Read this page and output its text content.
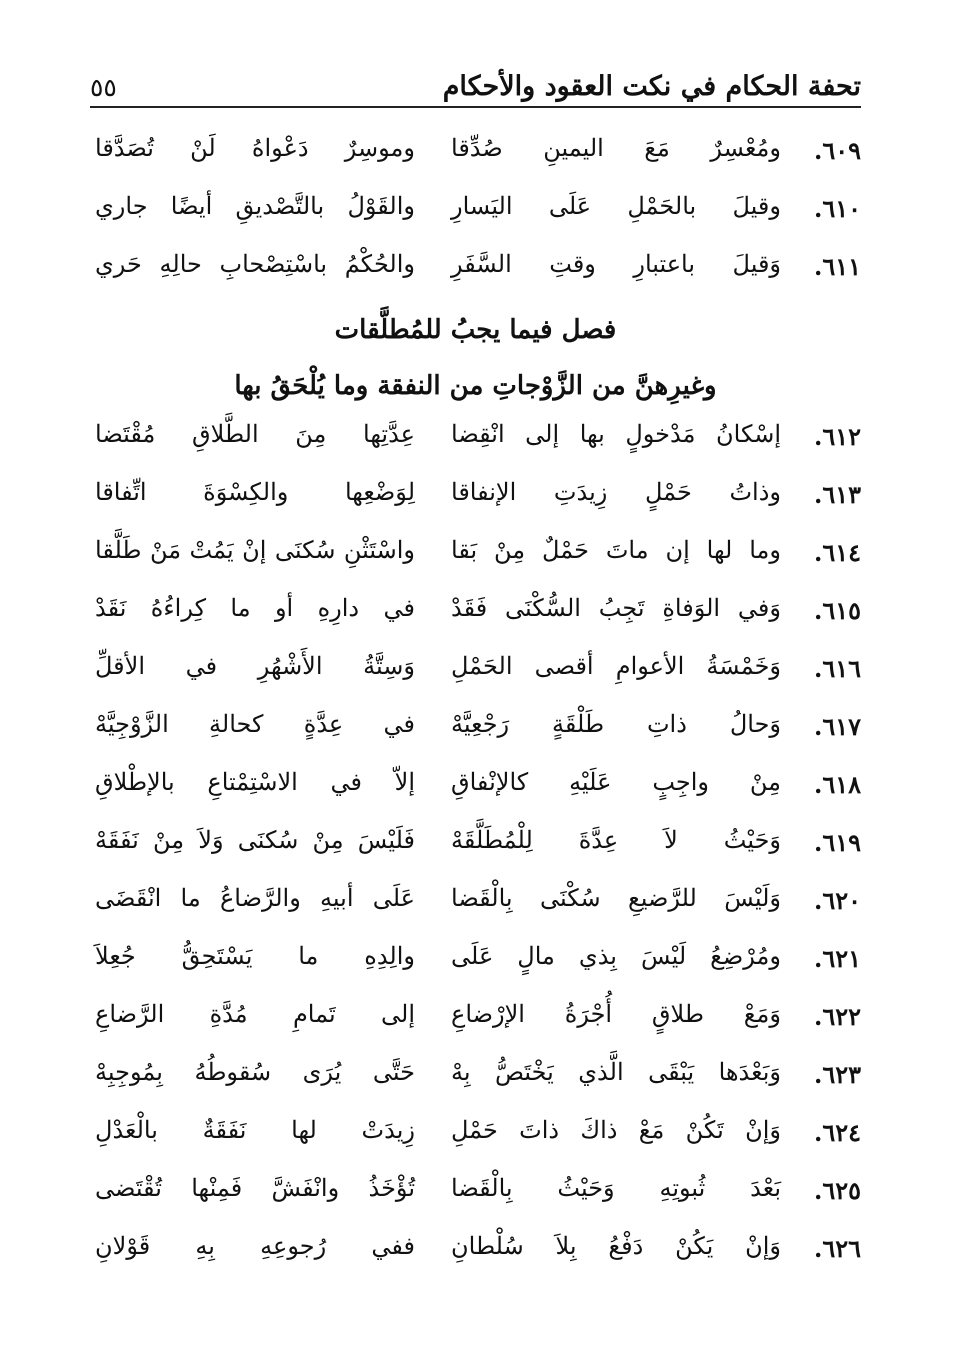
٥٥	تحفة الحكام في نكت العقود والأحكام
٦٠٩.
ومُعْسِرٌ مَعَ اليمينِ صُدِّقا
وموسِرٌ دَعْواهُ لَنْ تُصَدَّقا
٦١٠.
وقيلَ بالحَمْلِ عَلَى اليَسارِ
والقَوْلُ بالتَّصْديقِ أيضًا جاري
٦١١.
وَقيلَ باعتبارِ وقتِ السَّفَرِ
والحُكْمُ باسْتِصْحابِ حالِهِ حَري
فصل فيما يجبُ للمُطلَّقات
وغيرِهنَّ من الزَّوْجاتِ من النفقة وما يُلْحَقُ بها
٦١٢.
إسْكانُ مَدْخولٍ بها إلى انْقِضا
عِدَّتِها مِنَ الطَّلاقِ مُقْتَضا
٦١٣.
وذاتُ حَمْلٍ زِيدَتِ الإنفاقا
لِوَضْعِها والكِسْوَةَ اتِّفاقا
٦١٤.
وما لها إن ماتَ حَمْلٌ مِنْ بَقا
واسْتَثْنِ سُكنَى إنْ يَمُتْ مَنْ طَلَّقا
٦١٥.
وَفي الوَفاةِ تَجِبُ السُّكْنَى فَقَدْ
في دارِهِ أو ما كِراءُهُ نَقَدْ
٦١٦.
وَخَمْسَةُ الأعوامِ أقصى الحَمْلِ
وَسِتَّةُ الأَشْهُرِ في الأقلِّ
٦١٧.
وَحالُ ذاتِ طَلْقَةٍ رَجْعِيَّهْ
في عِدَّةٍ كحالةِ الزَّوْجِيَّهْ
٦١٨.
مِنْ واجِبٍ عَلَيْهِ كالإنْفاقِ
إلاّ في الاسْتِمْتاعِ بالإطْلاقِ
٦١٩.
وَحَيْثُ لاَ عِدَّةَ لِلْمُطَلَّقَهْ
فَلَيْسَ مِنْ سُكنَى وَلاَ مِنْ نَفَقَهْ
٦٢٠.
وَلَيْسَ للرَّضيعِ سُكْنَى بِالْقَضا
عَلَى أبيهِ والرَّضاعُ ما انْقَضَى
٦٢١.
ومُرْضِعُ لَيْسَ بِذي مالٍ عَلَى
والِدِهِ ما يَسْتَحِقُّ جُعِلاَ
٦٢٢.
وَمَعْ طلاقٍ أُجْرَةُ الإرْضاعِ
إلى تَمامِ مُدَّةِ الرَّضاعِ
٦٢٣.
وَبَعْدَها يَبْقَى الَّذي يَخْتَصُّ بِهْ
حَتَّى يُرَى سُقوطُهُ بِمُوجِبِهْ
٦٢٤.
وَإنْ تَكُنْ مَعْ ذاكَ ذاتَ حَمْلِ
زِيدَتْ لها نَفَقَةٌ بالْعَدْلِ
٦٢٥.
بَعْدَ ثُبوتِهِ وَحَيْثُ بِالْقَضا
تُؤْخَذُ وانْفَشَّ فَمِنْها تُقْتَضى
٦٢٦.
وَإنْ يَكُنْ دَفْعُ بِلاَ سُلْطانِ
ففي رُجوعِهِ بِهِ قَوْلانِ
